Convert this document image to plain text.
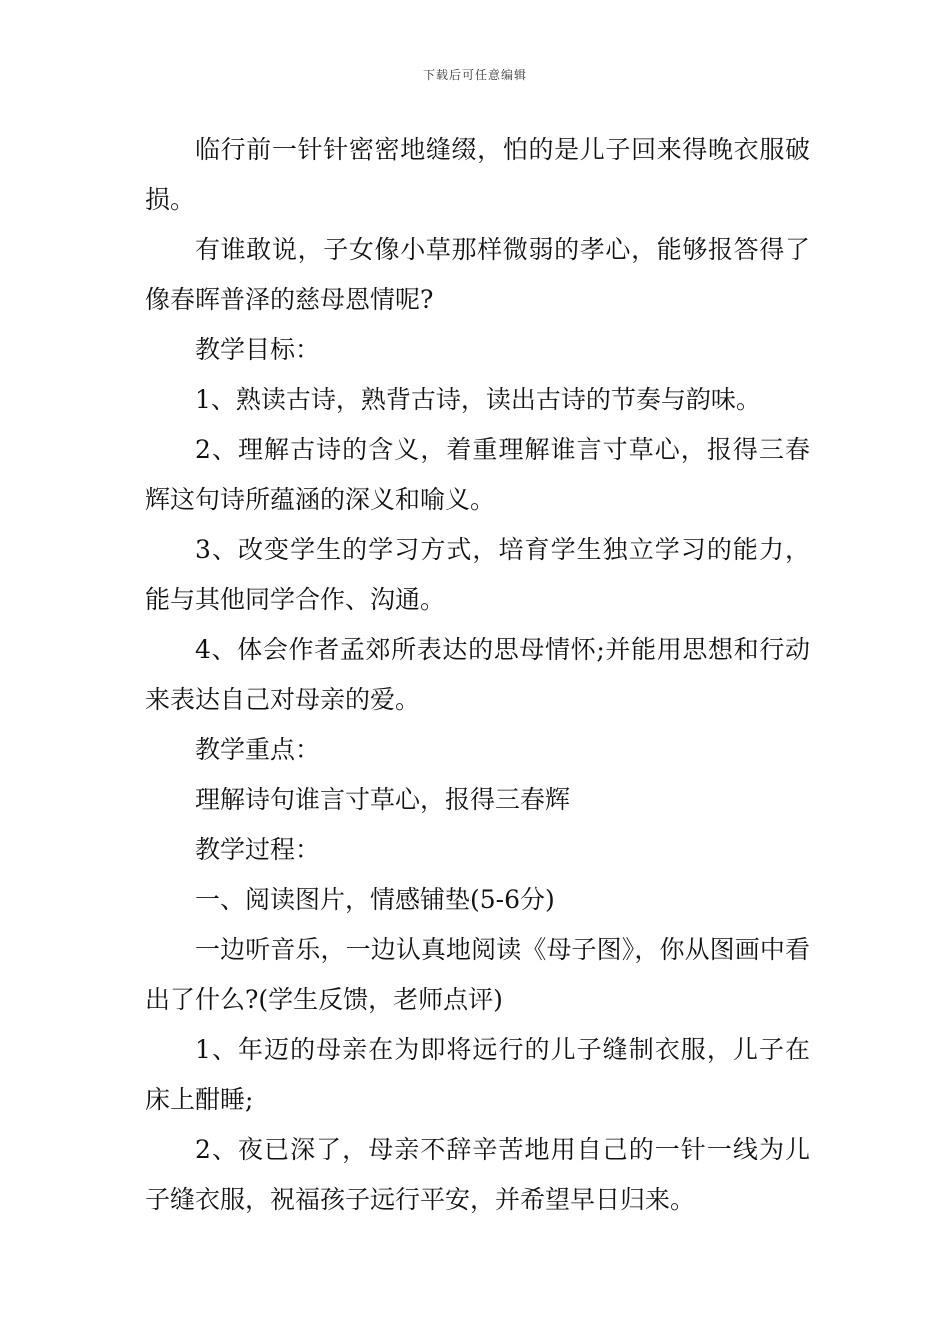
下载后可任意编辑

临行前一针针密密地缝缀，怕的是儿子回来得晚衣服破损。

有谁敢说，子女像小草那样微弱的孝心，能够报答得了像春晖普泽的慈母恩情呢?

教学目标：

1、熟读古诗，熟背古诗，读出古诗的节奏与韵味。

2、理解古诗的含义，着重理解谁言寸草心，报得三春辉这句诗所蕴涵的深义和喻义。

3、改变学生的学习方式，培育学生独立学习的能力，能与其他同学合作、沟通。

4、体会作者孟郊所表达的思母情怀;并能用思想和行动来表达自己对母亲的爱。

教学重点：

理解诗句谁言寸草心，报得三春辉

教学过程：

一、阅读图片，情感铺垫(5-6分)

一边听音乐，一边认真地阅读《母子图》，你从图画中看出了什么?(学生反馈，老师点评)

1、年迈的母亲在为即将远行的儿子缝制衣服，儿子在床上酣睡;

2、夜已深了，母亲不辞辛苦地用自己的一针一线为儿子缝衣服，祝福孩子远行平安，并希望早日归来。
